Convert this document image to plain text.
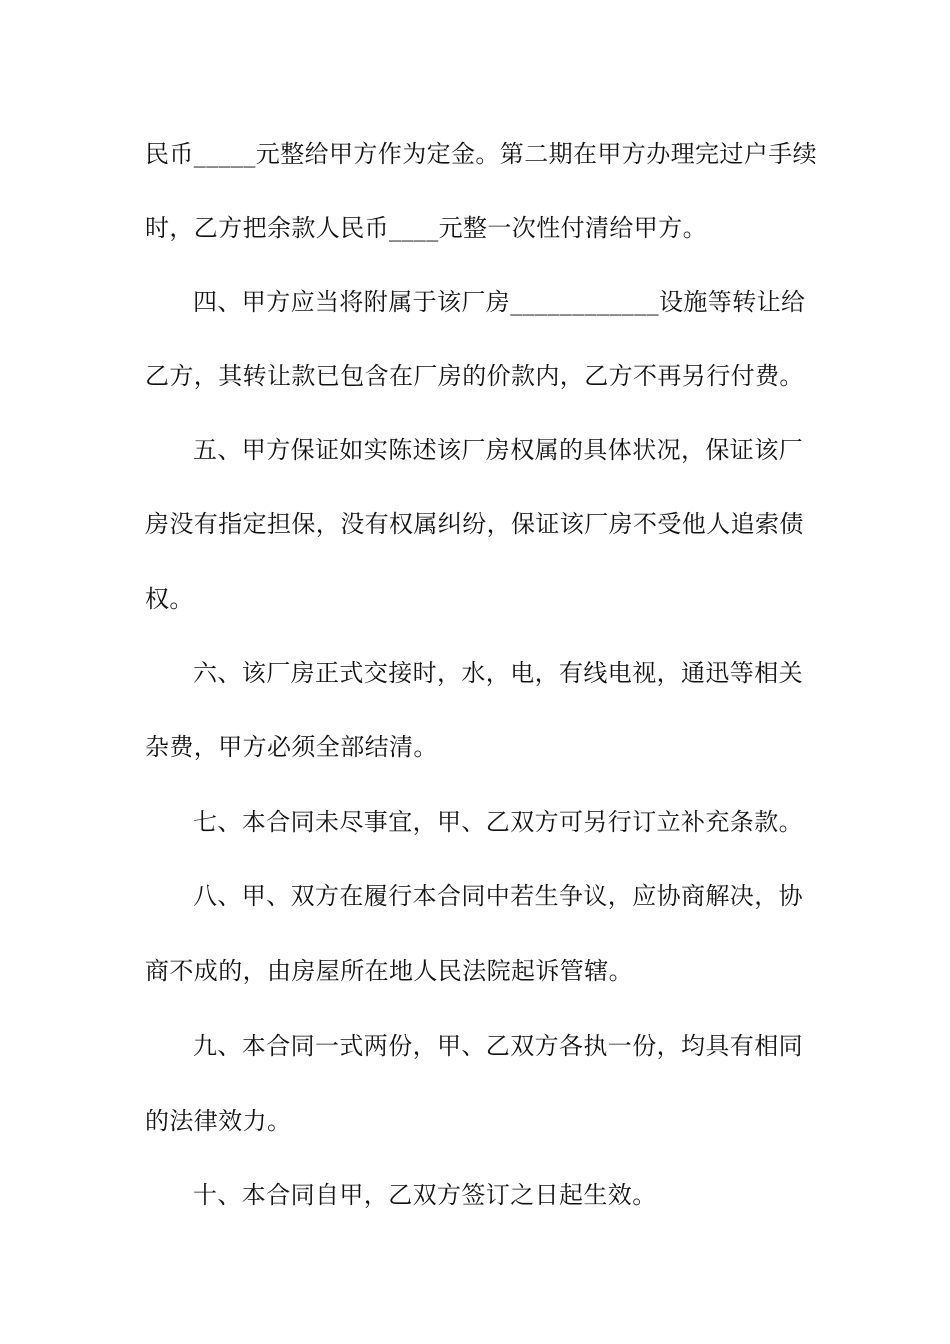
民币_____元整给甲方作为定金。第二期在甲方办理完过户手续
时，乙方把余款人民币____元整一次性付清给甲方。
四、甲方应当将附属于该厂房____________设施等转让给
乙方，其转让款已包含在厂房的价款内，乙方不再另行付费。
五、甲方保证如实陈述该厂房权属的具体状况，保证该厂
房没有指定担保，没有权属纠纷，保证该厂房不受他人追索债
权。
六、该厂房正式交接时，水，电，有线电视，通迅等相关
杂费，甲方必须全部结清。
七、本合同未尽事宜，甲、乙双方可另行订立补充条款。
八、甲、双方在履行本合同中若生争议，应协商解决，协
商不成的，由房屋所在地人民法院起诉管辖。
九、本合同一式两份，甲、乙双方各执一份，均具有相同
的法律效力。
十、本合同自甲，乙双方签订之日起生效。
